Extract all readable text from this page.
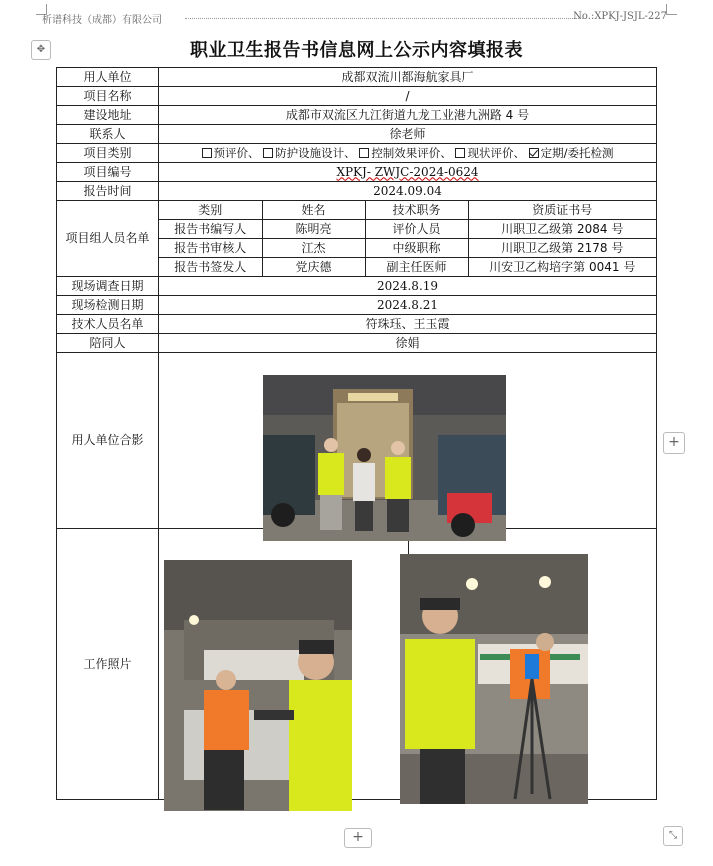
析谱科技（成都）有限公司	No.:XPKJ-JSJL-227
✥	职业卫生报告书信息网上公示内容填报表
用人单位	成都双流川都海航家具厂
项目名称	/
建设地址	成都市双流区九江街道九龙工业港九洲路 4 号
联系人	徐老师
项目类别	预评价、 防护设施设计、 控制效果评价、 现状评价、 定期/委托检测
项目编号	XPKJ- ZWJC-2024-0624
报告时间	2024.09.04
项目组人员名单	
类别	姓名	技术职务	资质证书号
报告书编写人	陈明亮	评价人员	川职卫乙级第 2084 号
报告书审核人	江杰	中级职称	川职卫乙级第 2178 号
报告书签发人	党庆德	副主任医师	川安卫乙构培字第 0041 号

现场调查日期	2024.8.19
现场检测日期	2024.8.21
技术人员名单	符珠珏、王玉霞
陪同人	徐娟
用人单位合影	
工作照片	

+
+	⤡
